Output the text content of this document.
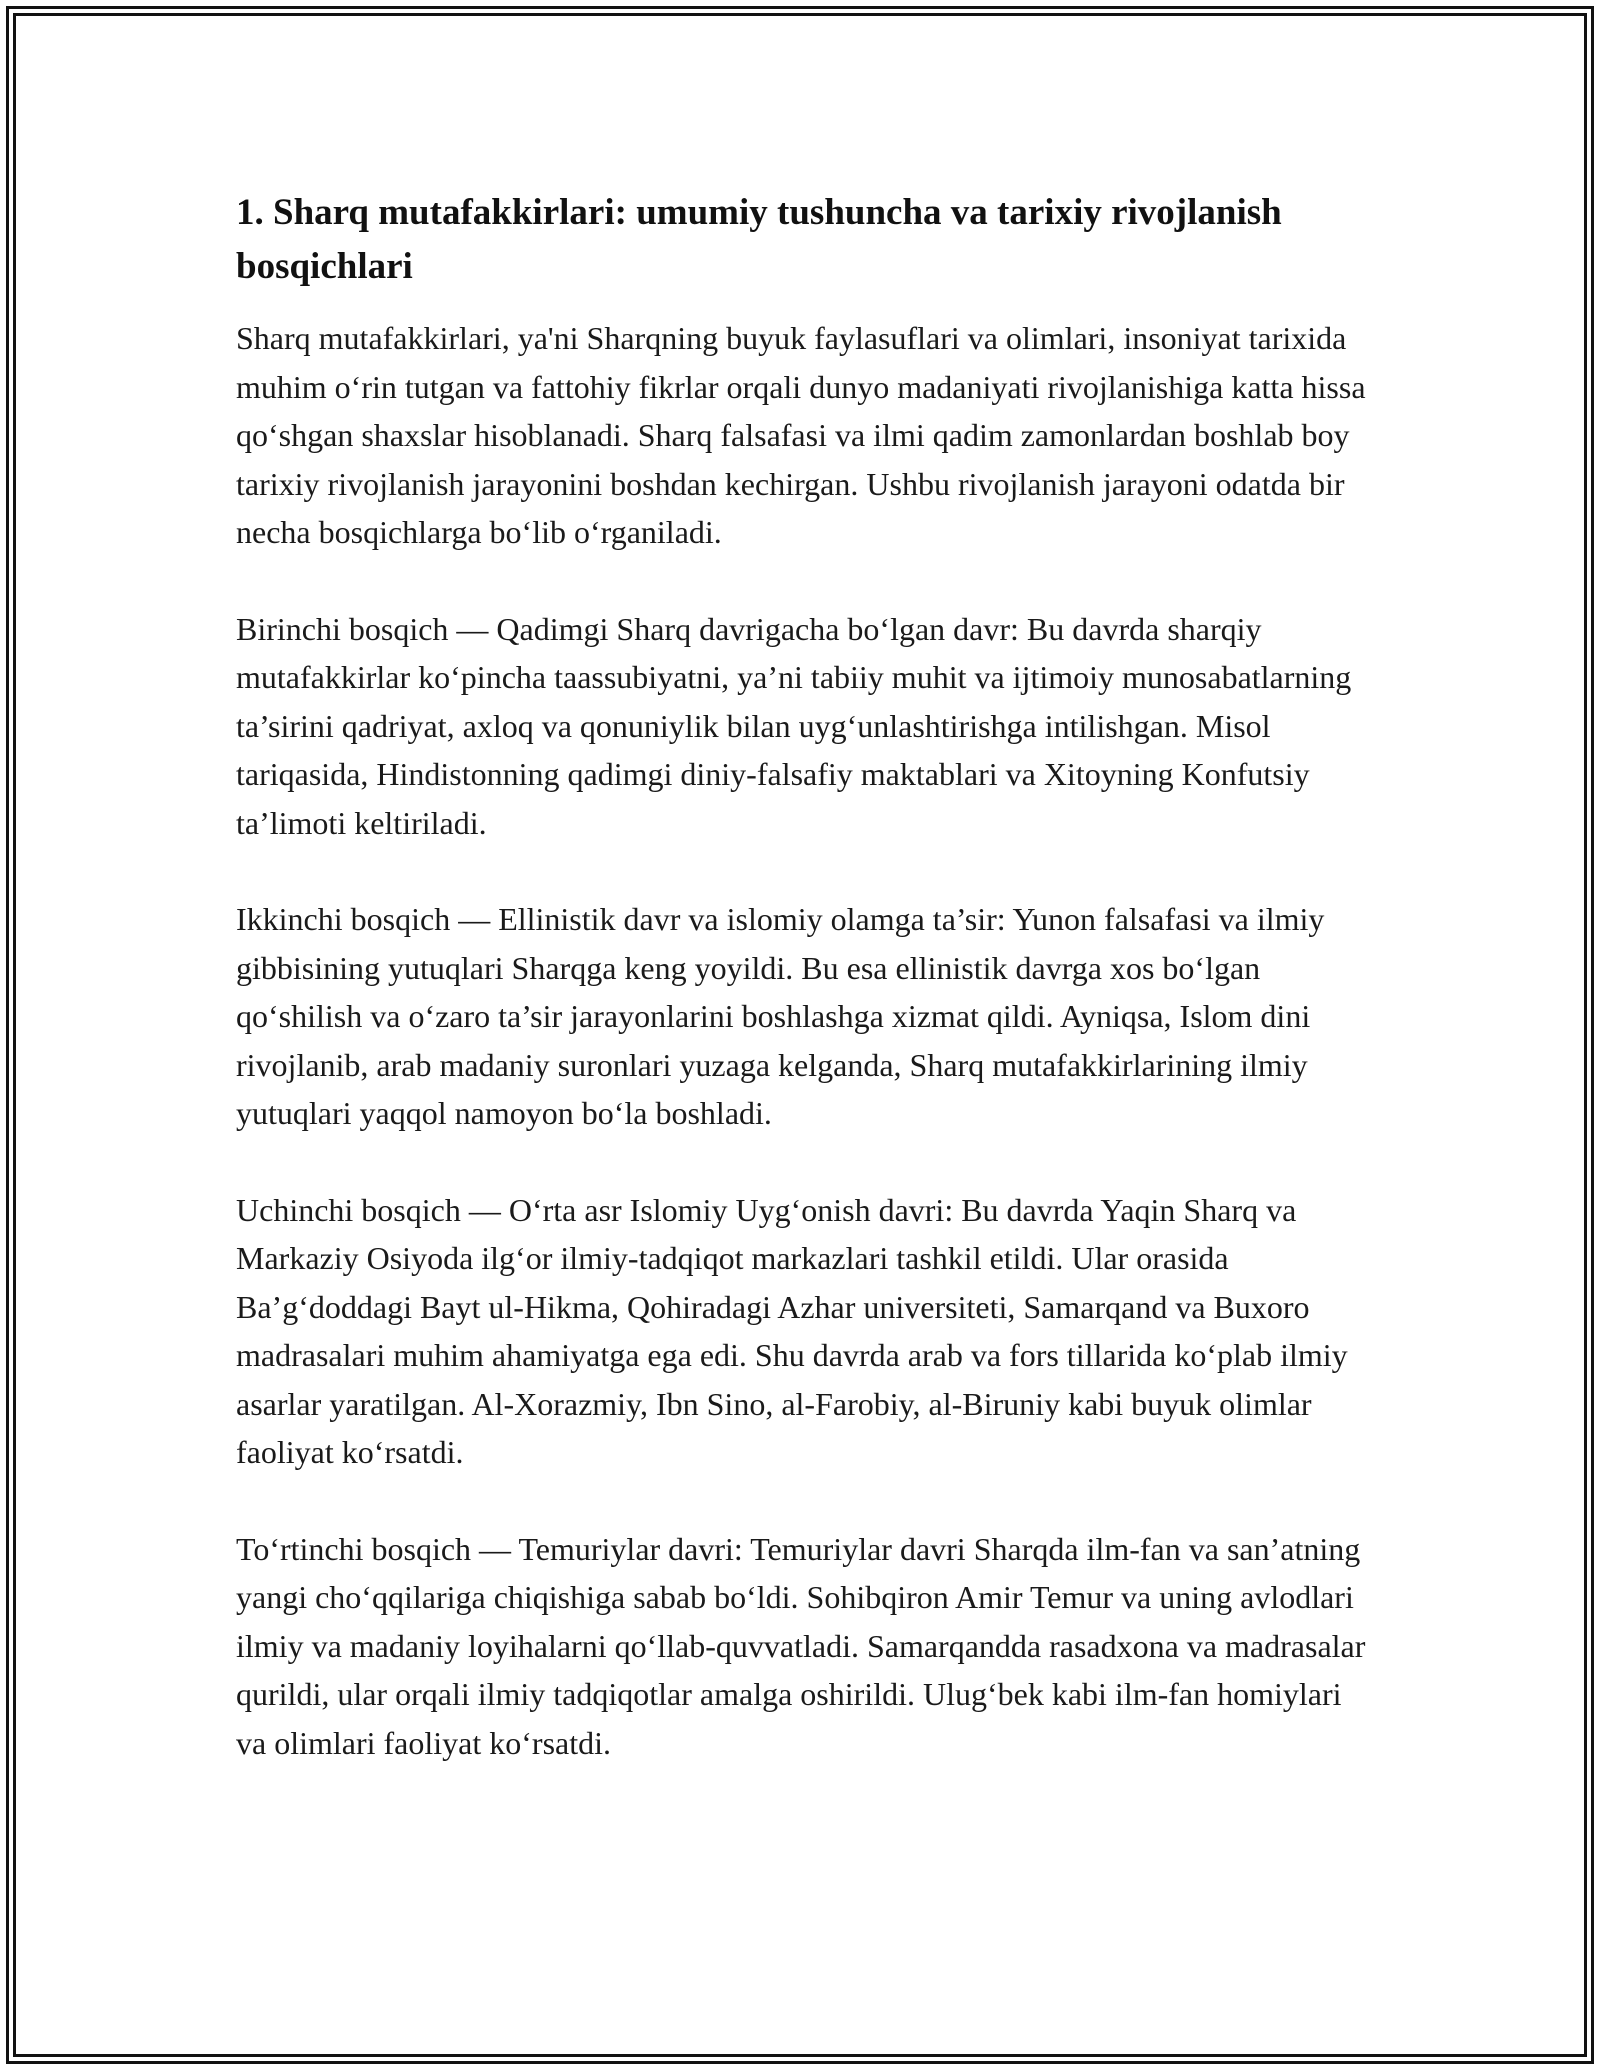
1. Sharq mutafakkirlari: umumiy tushuncha va tarixiy rivojlanish bosqichlari

Sharq mutafakkirlari, ya'ni Sharqning buyuk faylasuflari va olimlari, insoniyat tarixida muhim o‘rin tutgan va fattohiy fikrlar orqali dunyo madaniyati rivojlanishiga katta hissa qo‘shgan shaxslar hisoblanadi. Sharq falsafasi va ilmi qadim zamonlardan boshlab boy tarixiy rivojlanish jarayonini boshdan kechirgan. Ushbu rivojlanish jarayoni odatda bir necha bosqichlarga bo‘lib o‘rganiladi.

Birinchi bosqich — Qadimgi Sharq davrigacha bo‘lgan davr: Bu davrda sharqiy mutafakkirlar ko‘pincha taassubiyatni, ya’ni tabiiy muhit va ijtimoiy munosabatlarning ta’sirini qadriyat, axloq va qonuniylik bilan uyg‘unlashtirishga intilishgan. Misol tariqasida, Hindistonning qadimgi diniy-falsafiy maktablari va Xitoyning Konfutsiy ta’limoti keltiriladi.

Ikkinchi bosqich — Ellinistik davr va islomiy olamga ta’sir: Yunon falsafasi va ilmiy gibbisining yutuqlari Sharqga keng yoyildi. Bu esa ellinistik davrga xos bo‘lgan qo‘shilish va o‘zaro ta’sir jarayonlarini boshlashga xizmat qildi. Ayniqsa, Islom dini rivojlanib, arab madaniy suronlari yuzaga kelganda, Sharq mutafakkirlarining ilmiy yutuqlari yaqqol namoyon bo‘la boshladi.

Uchinchi bosqich — O‘rta asr Islomiy Uyg‘onish davri: Bu davrda Yaqin Sharq va Markaziy Osiyoda ilg‘or ilmiy-tadqiqot markazlari tashkil etildi. Ular orasida Ba’g‘doddagi Bayt ul-Hikma, Qohiradagi Azhar universiteti, Samarqand va Buxoro madrasalari muhim ahamiyatga ega edi. Shu davrda arab va fors tillarida ko‘plab ilmiy asarlar yaratilgan. Al-Xorazmiy, Ibn Sino, al-Farobiy, al-Biruniy kabi buyuk olimlar faoliyat ko‘rsatdi.

To‘rtinchi bosqich — Temuriylar davri: Temuriylar davri Sharqda ilm-fan va san’atning yangi cho‘qqilariga chiqishiga sabab bo‘ldi. Sohibqiron Amir Temur va uning avlodlari ilmiy va madaniy loyihalarni qo‘llab-quvvatladi. Samarqandda rasadxona va madrasalar qurildi, ular orqali ilmiy tadqiqotlar amalga oshirildi. Ulug‘bek kabi ilm-fan homiylari va olimlari faoliyat ko‘rsatdi.
